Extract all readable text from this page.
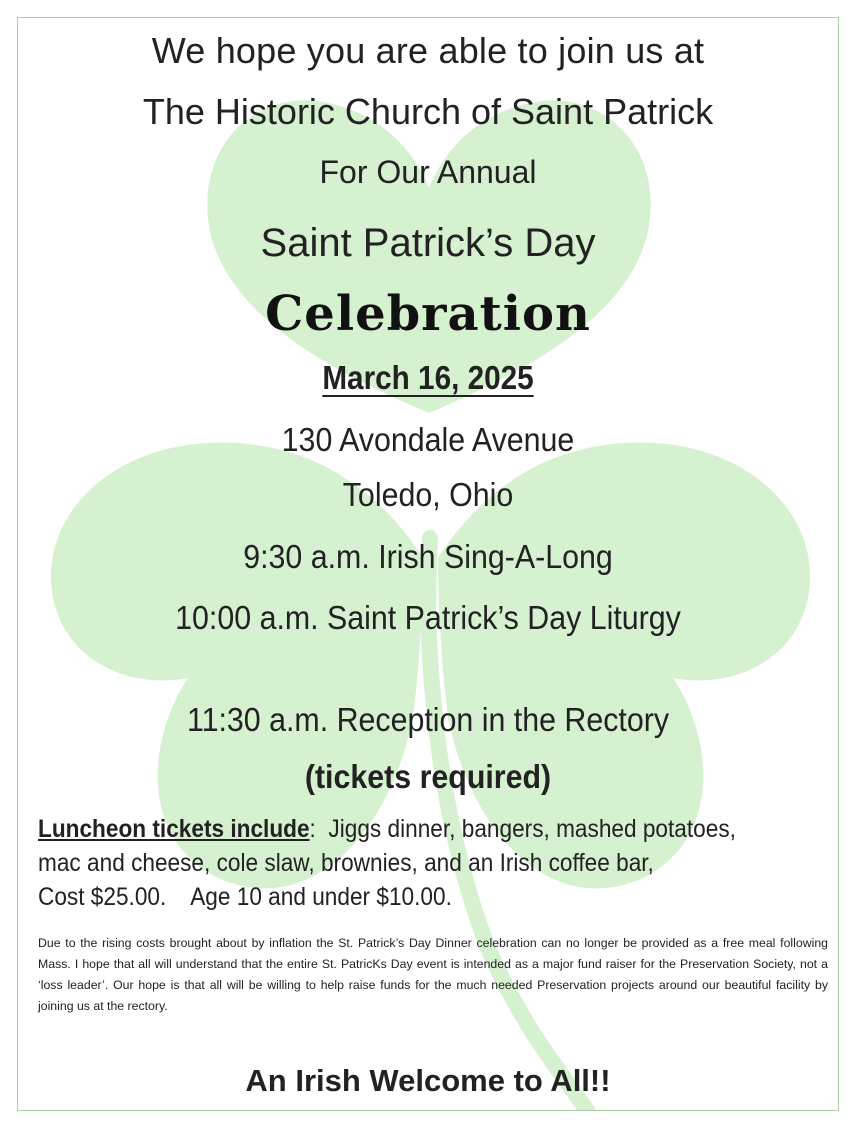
We hope you are able to join us at
The Historic Church of Saint Patrick
For Our Annual
Saint Patrick’s Day
Celebration
March 16, 2025
130 Avondale Avenue
Toledo, Ohio
9:30 a.m. Irish Sing-A-Long
10:00 a.m. Saint Patrick’s Day Liturgy
11:30 a.m. Reception in the Rectory
(tickets required)
Luncheon tickets include:  Jiggs dinner, bangers, mashed potatoes,
mac and cheese, cole slaw, brownies, and an Irish coffee bar,
Cost $25.00.    Age 10 and under $10.00.
Due to the rising costs brought about by inflation the St. Patrick’s Day Dinner celebration can no longer be provided as a free meal following Mass. I hope that all will understand that the entire St. PatricKs Day event is intended as a major fund raiser for the Preservation Society, not a ‘loss leader’. Our hope is that all will be willing to help raise funds for the much needed Preservation projects around our beautiful facility by joining us at the rectory.
An Irish Welcome to All!!
